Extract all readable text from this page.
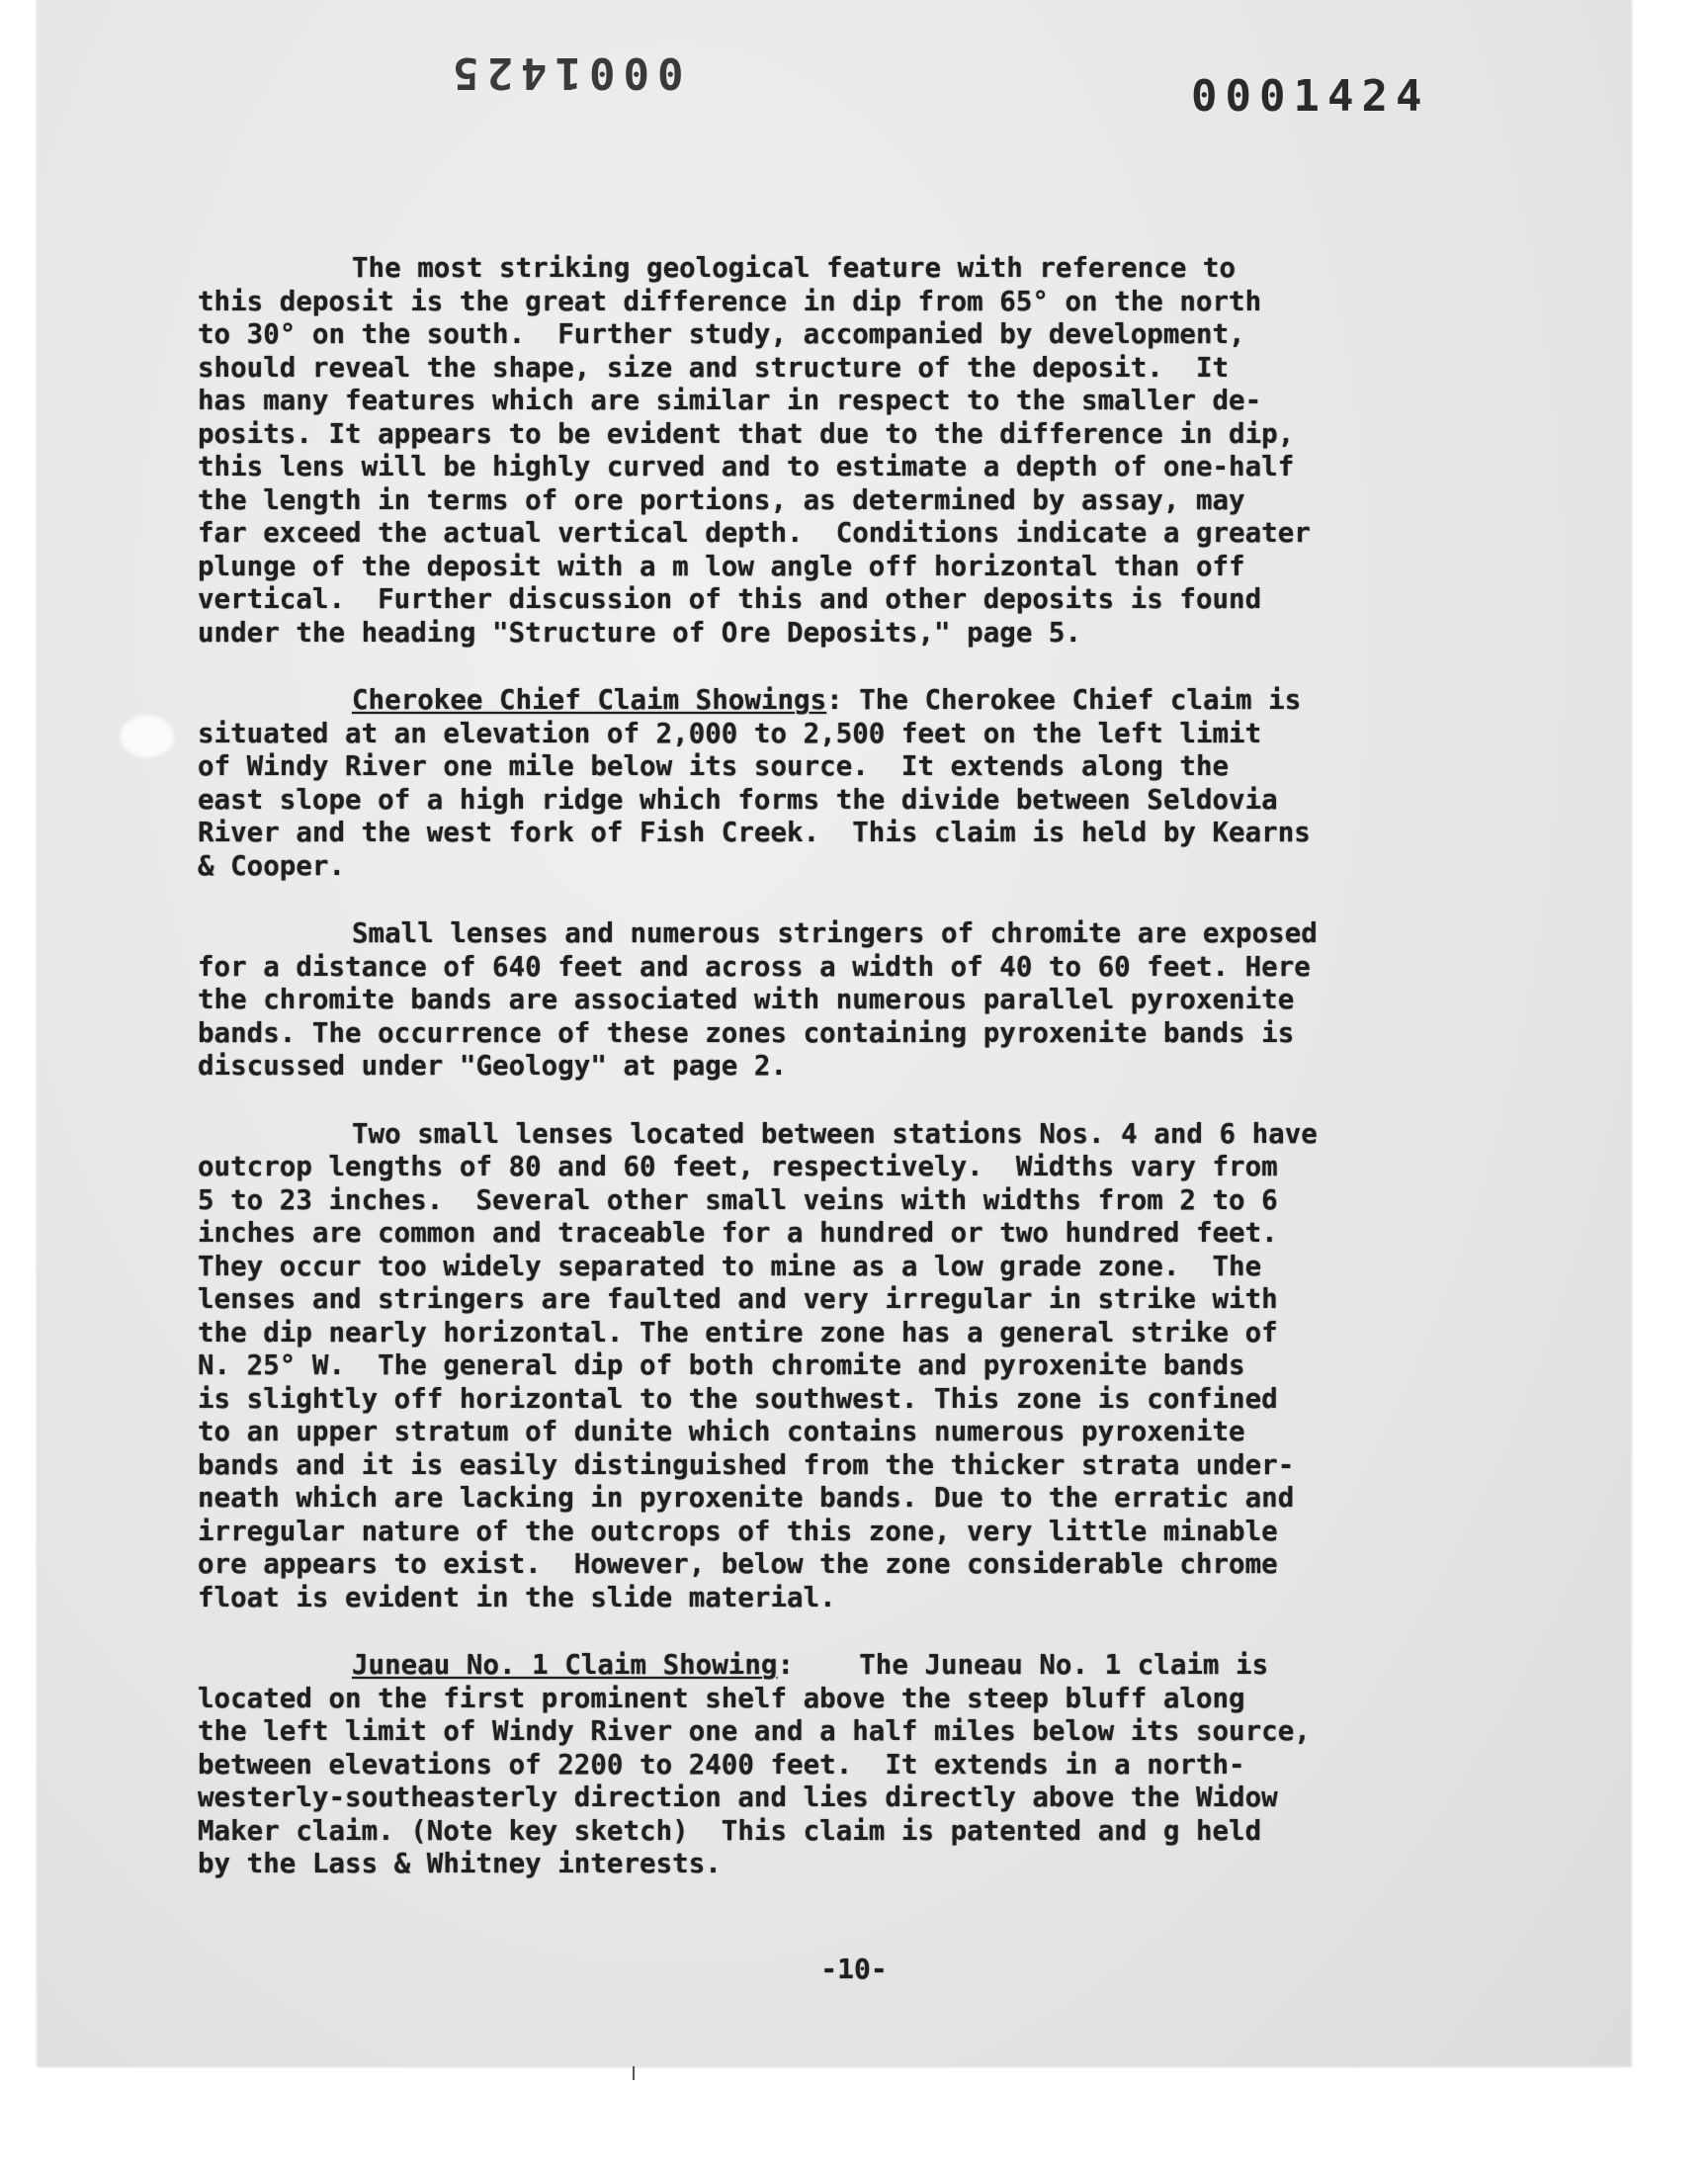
0001425	0001424
The most striking geological feature with reference to
this deposit is the great difference in dip from 65° on the north
to 30° on the south.  Further study, accompanied by development,
should reveal the shape, size and structure of the deposit.  It
has many features which are similar in respect to the smaller de-
posits. It appears to be evident that due to the difference in dip,
this lens will be highly curved and to estimate a depth of one-half
the length in terms of ore portions, as determined by assay, may
far exceed the actual vertical depth.  Conditions indicate a greater
plunge of the deposit with a m low angle off horizontal than off
vertical.  Further discussion of this and other deposits is found
under the heading "Structure of Ore Deposits," page 5.
Cherokee Chief Claim Showings: The Cherokee Chief claim is
situated at an elevation of 2,000 to 2,500 feet on the left limit
of Windy River one mile below its source.  It extends along the
east slope of a high ridge which forms the divide between Seldovia
River and the west fork of Fish Creek.  This claim is held by Kearns
& Cooper.
Small lenses and numerous stringers of chromite are exposed
for a distance of 640 feet and across a width of 40 to 60 feet. Here
the chromite bands are associated with numerous parallel pyroxenite
bands. The occurrence of these zones containing pyroxenite bands is
discussed under "Geology" at page 2.
Two small lenses located between stations Nos. 4 and 6 have
outcrop lengths of 80 and 60 feet, respectively.  Widths vary from
5 to 23 inches.  Several other small veins with widths from 2 to 6
inches are common and traceable for a hundred or two hundred feet.
They occur too widely separated to mine as a low grade zone.  The
lenses and stringers are faulted and very irregular in strike with
the dip nearly horizontal. The entire zone has a general strike of
N. 25° W.  The general dip of both chromite and pyroxenite bands
is slightly off horizontal to the southwest. This zone is confined
to an upper stratum of dunite which contains numerous pyroxenite
bands and it is easily distinguished from the thicker strata under-
neath which are lacking in pyroxenite bands. Due to the erratic and
irregular nature of the outcrops of this zone, very little minable
ore appears to exist.  However, below the zone considerable chrome
float is evident in the slide material.
Juneau No. 1 Claim Showing:    The Juneau No. 1 claim is
located on the first prominent shelf above the steep bluff along
the left limit of Windy River one and a half miles below its source,
between elevations of 2200 to 2400 feet.  It extends in a north-
westerly-southeasterly direction and lies directly above the Widow
Maker claim. (Note key sketch)  This claim is patented and g held
by the Lass & Whitney interests.
-10-
